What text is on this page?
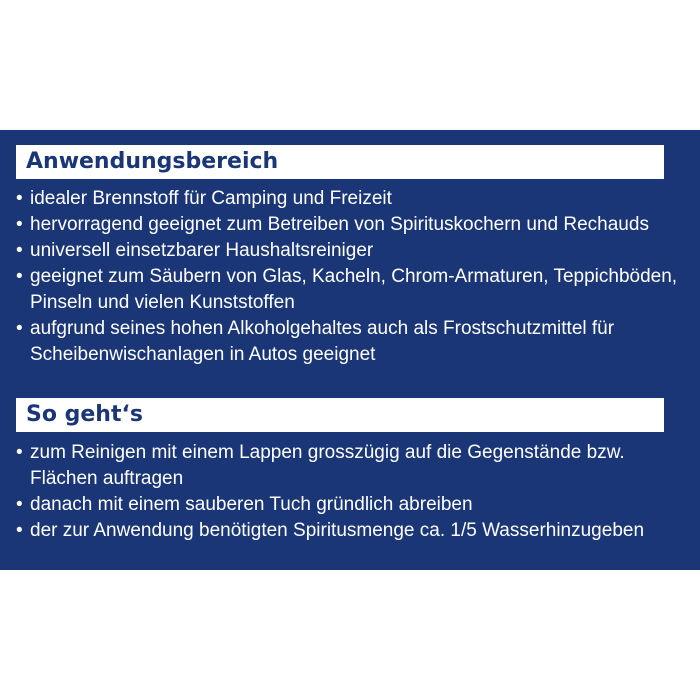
Anwendungsbereich
• idealer Brennstoff für Camping und Freizeit
• hervorragend geeignet zum Betreiben von Spirituskochern und Rechauds
• universell einsetzbarer Haushaltsreiniger
• geeignet zum Säubern von Glas, Kacheln, Chrom-Armaturen, Teppichböden, Pinseln und vielen Kunststoffen
• aufgrund seines hohen Alkoholgehaltes auch als Frostschutzmittel für Scheibenwischanlagen in Autos geeignet
So geht‘s
• zum Reinigen mit einem Lappen grosszügig auf die Gegenstände bzw. Flächen auftragen
• danach mit einem sauberen Tuch gründlich abreiben
• der zur Anwendung benötigten Spiritusmenge ca. 1/5 Wasserhinzugeben
